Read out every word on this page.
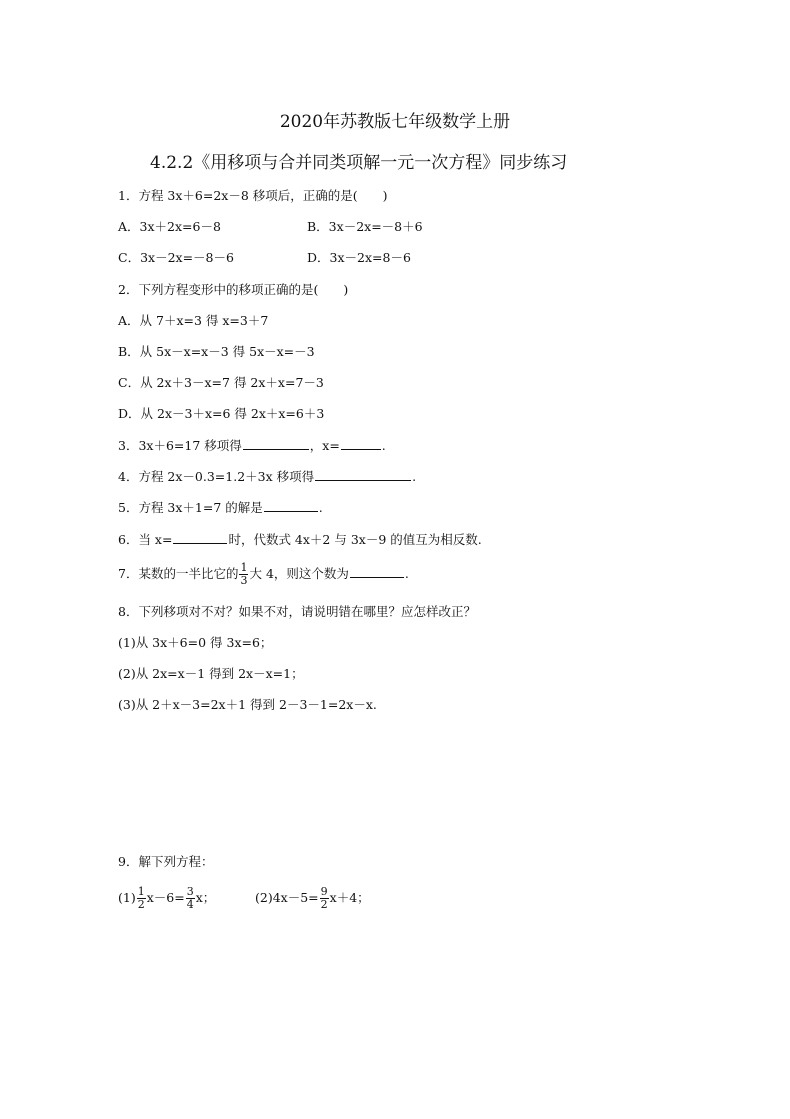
2020年苏教版七年级数学上册
4.2.2《用移项与合并同类项解一元一次方程》同步练习
1．方程 3x＋6=2x－8 移项后，正确的是(　　)
A．3x＋2x=6－8	B．3x－2x=－8＋6
C．3x－2x=－8－6	D．3x－2x=8－6
2．下列方程变形中的移项正确的是(　　)
A．从 7＋x=3 得 x=3＋7
B．从 5x－x=x－3 得 5x－x=－3
C．从 2x＋3－x=7 得 2x＋x=7－3
D．从 2x－3＋x=6 得 2x＋x=6＋3
3．3x＋6=17 移项得	，x=	.
4．方程 2x－0.3=1.2＋3x 移项得	.
5．方程 3x＋1=7 的解是	.
6．当 x=	时，代数式 4x＋2 与 3x－9 的值互为相反数.
7．某数的一半比它的 $\frac{1}{3}$ 大 4，则这个数为	.
8．下列移项对不对？如果不对，请说明错在哪里？应怎样改正？
(1)从 3x＋6=0 得 3x=6；
(2)从 2x=x－1 得到 2x－x=1；
(3)从 2＋x－3=2x＋1 得到 2－3－1=2x－x.
9．解下列方程：
$(1) \frac{1}{2} x-6= \frac{3}{4}$ x；	$(2)4x-5= \frac{9}{2} x+4$；
